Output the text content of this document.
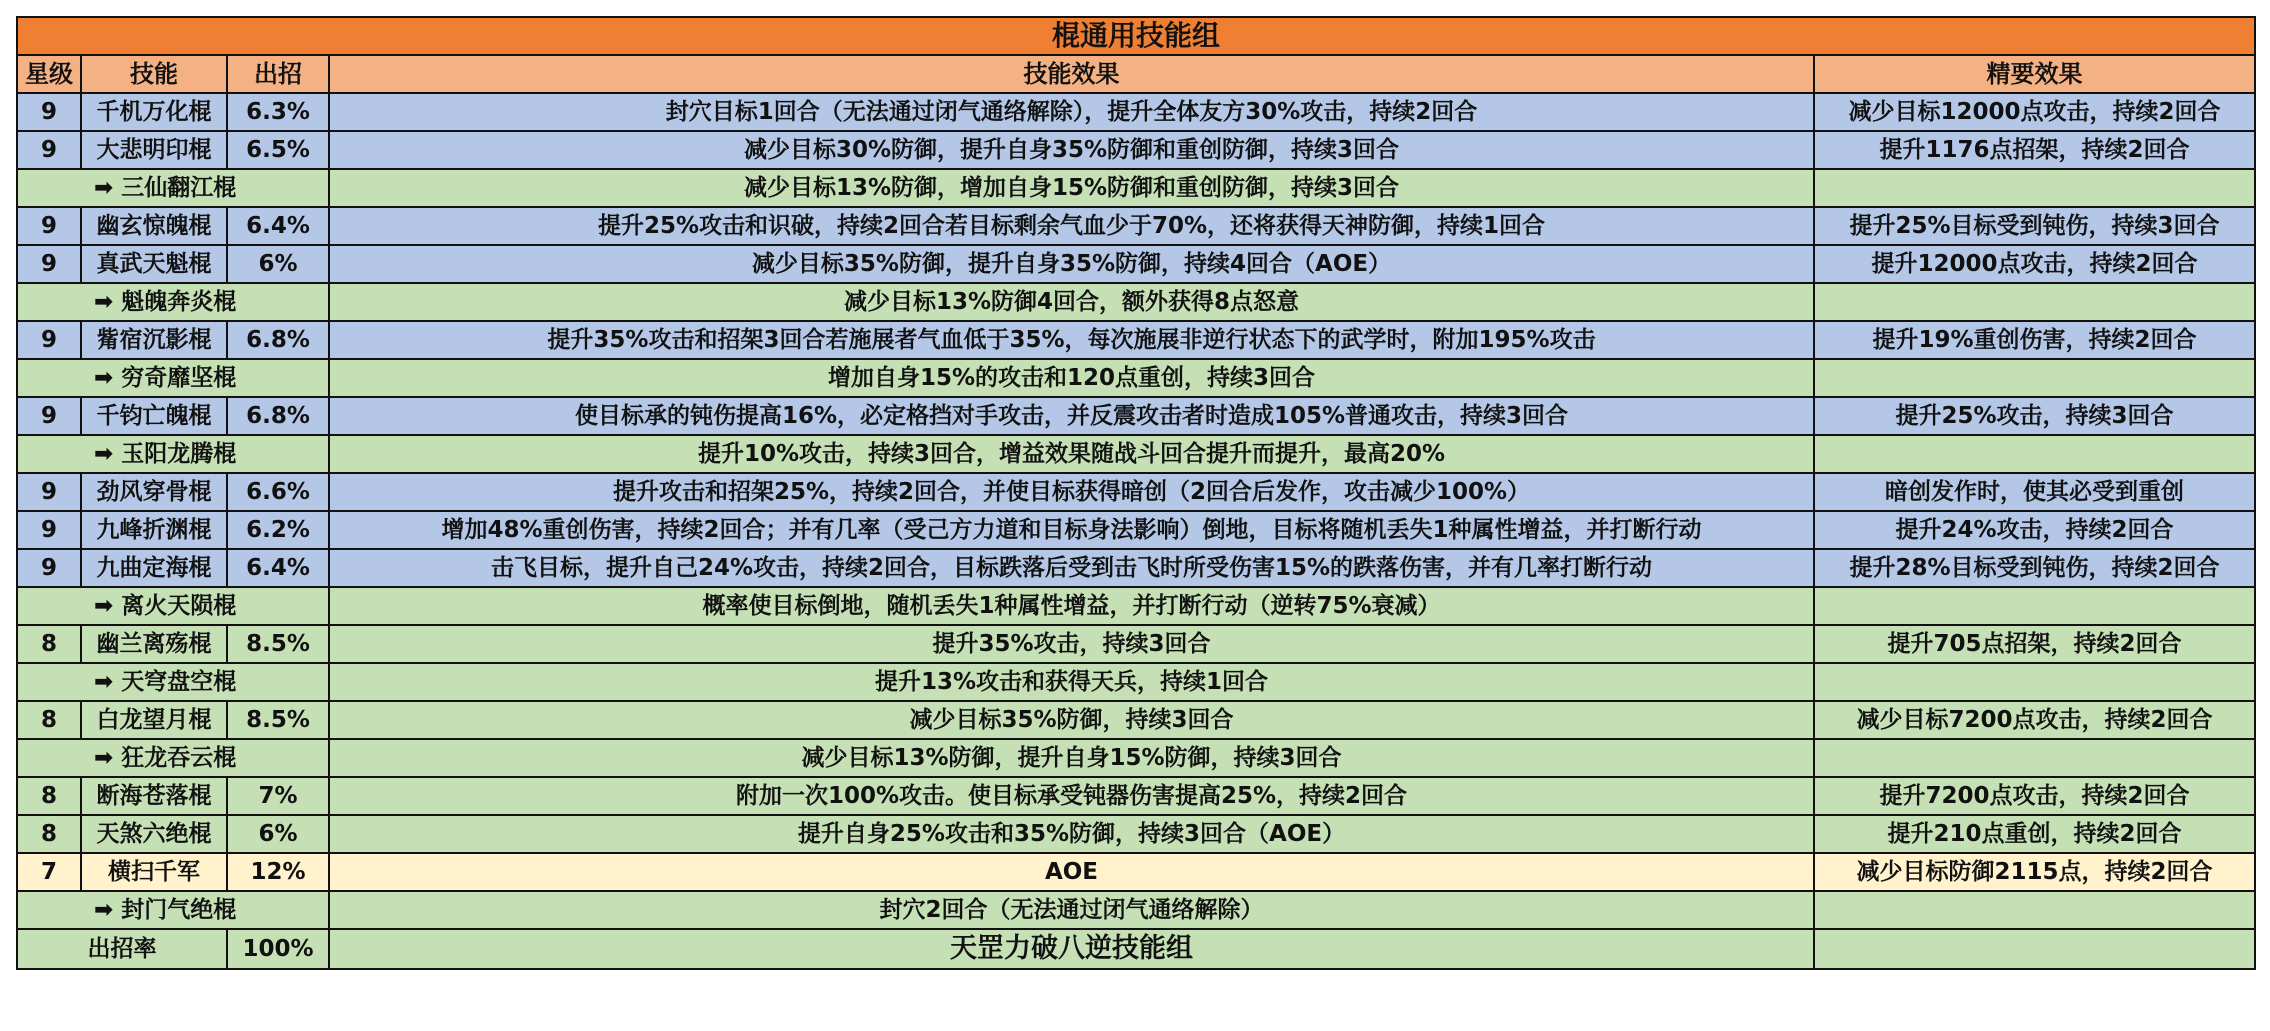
棍通用技能组				
星级	技能	出招	技能效果	精要效果
9	千机万化棍	6.3%	封穴目标1回合（无法通过闭气通络解除），提升全体友方30%攻击，持续2回合	减少目标12000点攻击，持续2回合
9	大悲明印棍	6.5%	减少目标30%防御，提升自身35%防御和重创防御，持续3回合	提升1176点招架，持续2回合
➡ 三仙翻江棍			减少目标13%防御，增加自身15%防御和重创防御，持续3回合	
9	幽玄惊魄棍	6.4%	提升25%攻击和识破，持续2回合若目标剩余气血少于70%，还将获得天神防御，持续1回合	提升25%目标受到钝伤，持续3回合
9	真武天魁棍	6%	减少目标35%防御，提升自身35%防御，持续4回合（AOE）	提升12000点攻击，持续2回合
➡ 魁魄奔炎棍			减少目标13%防御4回合，额外获得8点怒意	
9	觜宿沉影棍	6.8%	提升35%攻击和招架3回合若施展者气血低于35%，每次施展非逆行状态下的武学时，附加195%攻击	提升19%重创伤害，持续2回合
➡ 穷奇靡坚棍			增加自身15%的攻击和120点重创，持续3回合	
9	千钧亡魄棍	6.8%	使目标承的钝伤提高16%，必定格挡对手攻击，并反震攻击者时造成105%普通攻击，持续3回合	提升25%攻击，持续3回合
➡ 玉阳龙腾棍			提升10%攻击，持续3回合，增益效果随战斗回合提升而提升，最高20%	
9	劲风穿骨棍	6.6%	提升攻击和招架25%，持续2回合，并使目标获得暗创（2回合后发作，攻击减少100%）	暗创发作时，使其必受到重创
9	九峰折渊棍	6.2%	增加48%重创伤害，持续2回合；并有几率（受己方力道和目标身法影响）倒地，目标将随机丢失1种属性增益，并打断行动	提升24%攻击，持续2回合
9	九曲定海棍	6.4%	击飞目标，提升自己24%攻击，持续2回合，目标跌落后受到击飞时所受伤害15%的跌落伤害，并有几率打断行动	提升28%目标受到钝伤，持续2回合
➡ 离火天陨棍			概率使目标倒地，随机丢失1种属性增益，并打断行动（逆转75%衰减）	
8	幽兰离殇棍	8.5%	提升35%攻击，持续3回合	提升705点招架，持续2回合
➡ 天穹盘空棍			提升13%攻击和获得天兵，持续1回合	
8	白龙望月棍	8.5%	减少目标35%防御，持续3回合	减少目标7200点攻击，持续2回合
➡ 狂龙吞云棍			减少目标13%防御，提升自身15%防御，持续3回合	
8	断海苍落棍	7%	附加一次100%攻击。使目标承受钝器伤害提高25%，持续2回合	提升7200点攻击，持续2回合
8	天煞六绝棍	6%	提升自身25%攻击和35%防御，持续3回合（AOE）	提升210点重创，持续2回合
7	横扫千军	12%	AOE	减少目标防御2115点，持续2回合
➡ 封门气绝棍			封穴2回合（无法通过闭气通络解除）	
出招率		100%	天罡力破八逆技能组	
